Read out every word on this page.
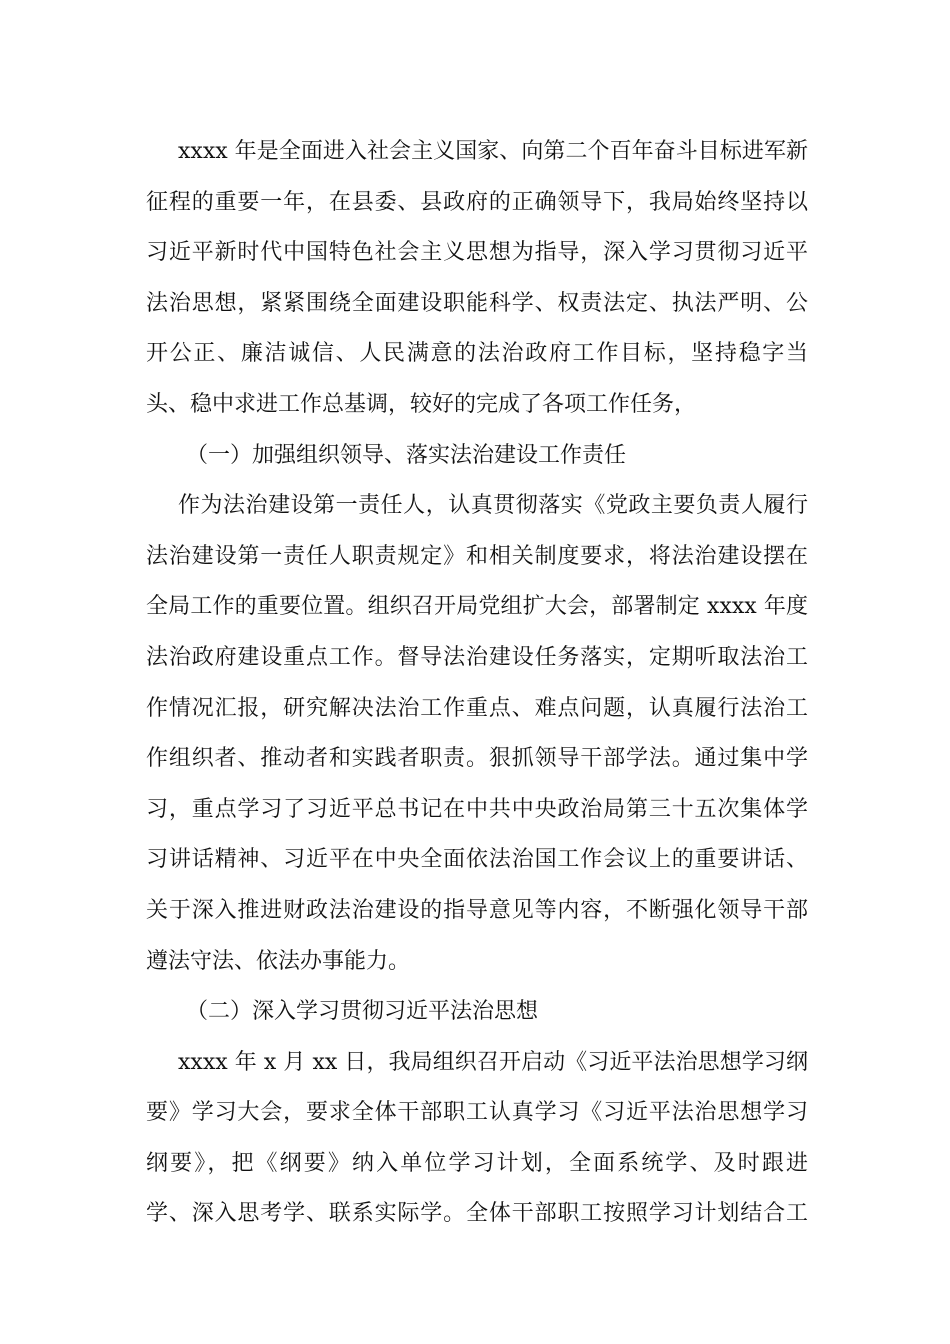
xxxx 年是全面进入社会主义国家、向第二个百年奋斗目标进军新
征程的重要一年，在县委、县政府的正确领导下，我局始终坚持以
习近平新时代中国特色社会主义思想为指导，深入学习贯彻习近平
法治思想，紧紧围绕全面建设职能科学、权责法定、执法严明、公
开公正、廉洁诚信、人民满意的法治政府工作目标，坚持稳字当
头、稳中求进工作总基调，较好的完成了各项工作任务，
（一）加强组织领导、落实法治建设工作责任
作为法治建设第一责任人，认真贯彻落实《党政主要负责人履行
法治建设第一责任人职责规定》和相关制度要求，将法治建设摆在
全局工作的重要位置。组织召开局党组扩大会，部署制定 xxxx 年度
法治政府建设重点工作。督导法治建设任务落实，定期听取法治工
作情况汇报，研究解决法治工作重点、难点问题，认真履行法治工
作组织者、推动者和实践者职责。狠抓领导干部学法。通过集中学
习，重点学习了习近平总书记在中共中央政治局第三十五次集体学
习讲话精神、习近平在中央全面依法治国工作会议上的重要讲话、
关于深入推进财政法治建设的指导意见等内容，不断强化领导干部
遵法守法、依法办事能力。
（二）深入学习贯彻习近平法治思想
xxxx 年 x 月 xx 日，我局组织召开启动《习近平法治思想学习纲
要》学习大会，要求全体干部职工认真学习《习近平法治思想学习
纲要》，把《纲要》纳入单位学习计划，全面系统学、及时跟进
学、深入思考学、联系实际学。全体干部职工按照学习计划结合工
